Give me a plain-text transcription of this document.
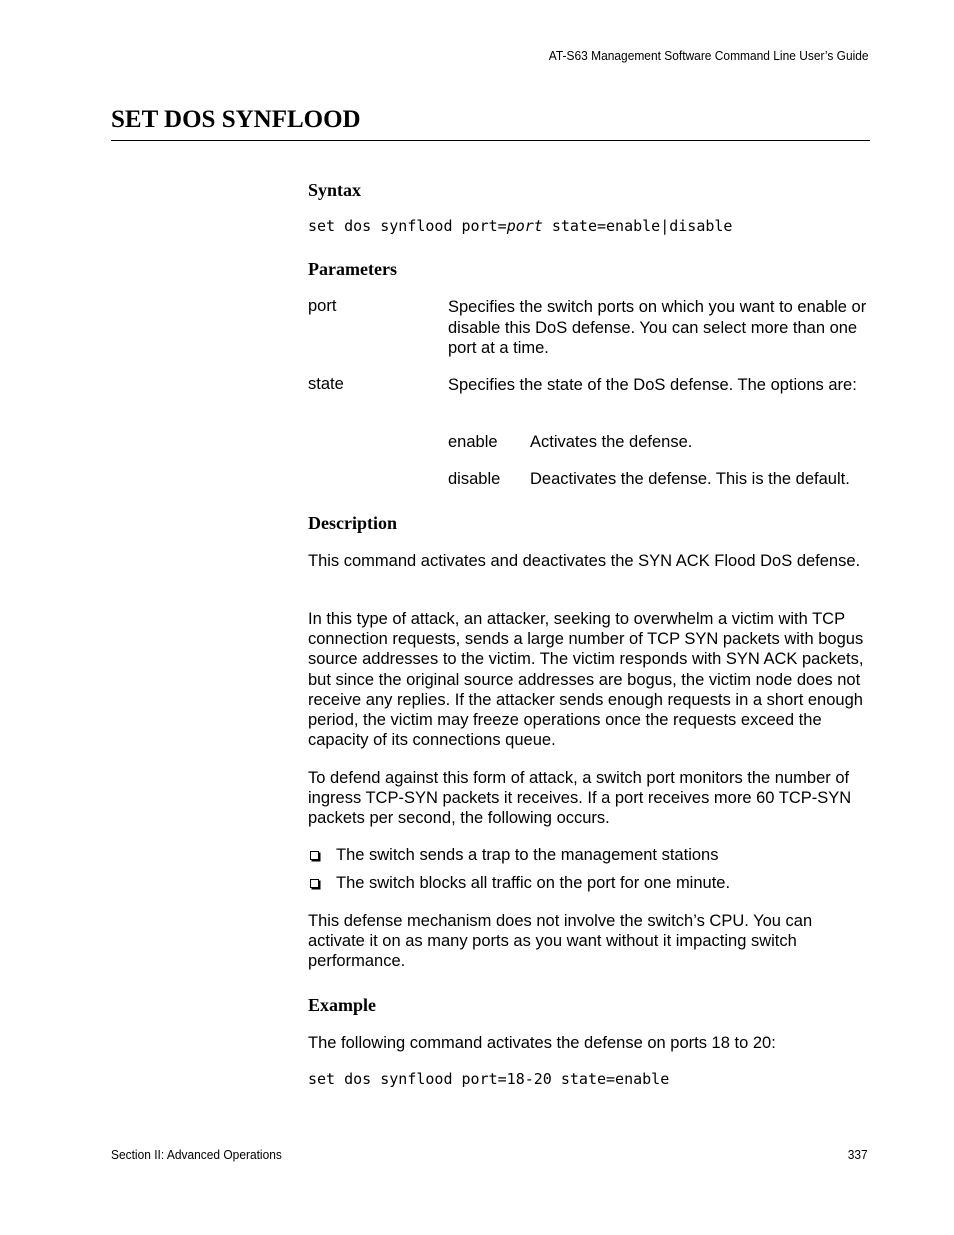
AT-S63 Management Software Command Line User’s Guide
SET DOS SYNFLOOD
Syntax
set dos synflood port=port state=enable|disable
Parameters
port	Specifies the switch ports on which you want to enable or disable this DoS defense. You can select more than one port at a time.
state	Specifies the state of the DoS defense. The options are:
enable Activates the defense.
disable Deactivates the defense. This is the default.
Description

This command activates and deactivates the SYN ACK Flood DoS defense.

In this type of attack, an attacker, seeking to overwhelm a victim with TCP connection requests, sends a large number of TCP SYN packets with bogus source addresses to the victim. The victim responds with SYN ACK packets, but since the original source addresses are bogus, the victim node does not receive any replies. If the attacker sends enough requests in a short enough period, the victim may freeze operations once the requests exceed the capacity of its connections queue.

To defend against this form of attack, a switch port monitors the number of ingress TCP-SYN packets it receives. If a port receives more 60 TCP-SYN packets per second, the following occurs.

The switch sends a trap to the management stations
The switch blocks all traffic on the port for one minute.

This defense mechanism does not involve the switch’s CPU. You can activate it on as many ports as you want without it impacting switch performance.

Example

The following command activates the defense on ports 18 to 20:

set dos synflood port=18-20 state=enable
Section II: Advanced Operations	337
